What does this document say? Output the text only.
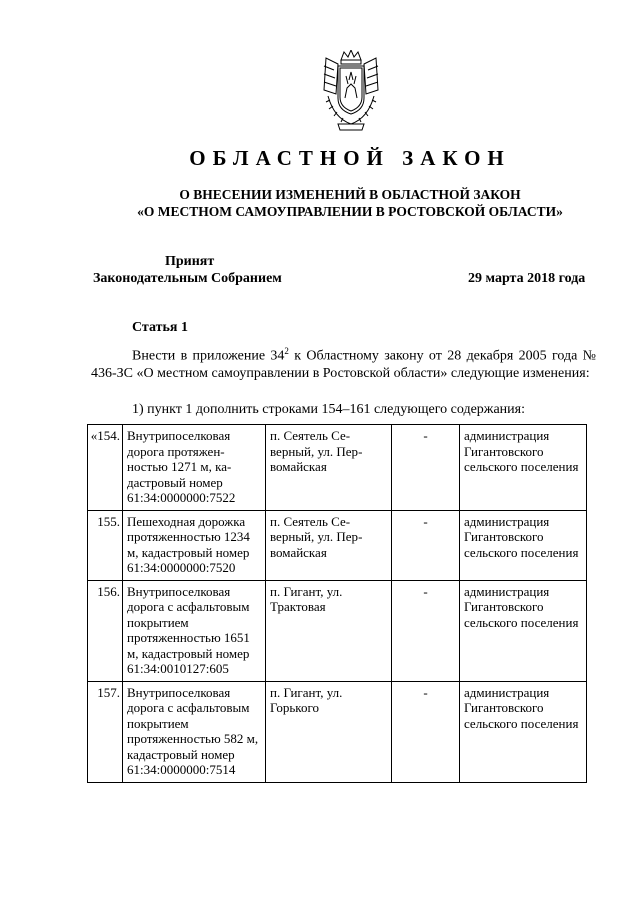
ОБЛАСТНОЙ ЗАКОН
О ВНЕСЕНИИ ИЗМЕНЕНИЙ В ОБЛАСТНОЙ ЗАКОН
«О МЕСТНОМ САМОУПРАВЛЕНИИ В РОСТОВСКОЙ ОБЛАСТИ»
Принят
Законодательным Собранием	29 марта 2018 года
Статья 1
Внести в приложение $34^2$ к Областному закону от 28 декабря 2005 года № 436-ЗС «О местном самоуправлении в Ростовской области» следующие изменения:
1) пункт 1 дополнить строками 154–161 следующего содержания:
«154.	Внутрипоселковая дорога протяженностью 1271 м, кадастровый номер 61:34:0000000:7522	п. Сеятель Северный, ул. Первомайская	-	администрация Гигантовского сельского поселения
155.	Пешеходная дорожка протяженностью 1234 м, кадастровый номер 61:34:0000000:7520	п. Сеятель Северный, ул. Первомайская	-	администрация Гигантовского сельского поселения
156.	Внутрипоселковая дорога с асфальтовым покрытием протяженностью 1651 м, кадастровый номер 61:34:0010127:605	п. Гигант, ул. Трактовая	-	администрация Гигантовского сельского поселения
157.	Внутрипоселковая дорога с асфальтовым покрытием протяженностью 582 м, кадастровый номер 61:34:0000000:7514	п. Гигант, ул. Горького	-	администрация Гигантовского сельского поселения
